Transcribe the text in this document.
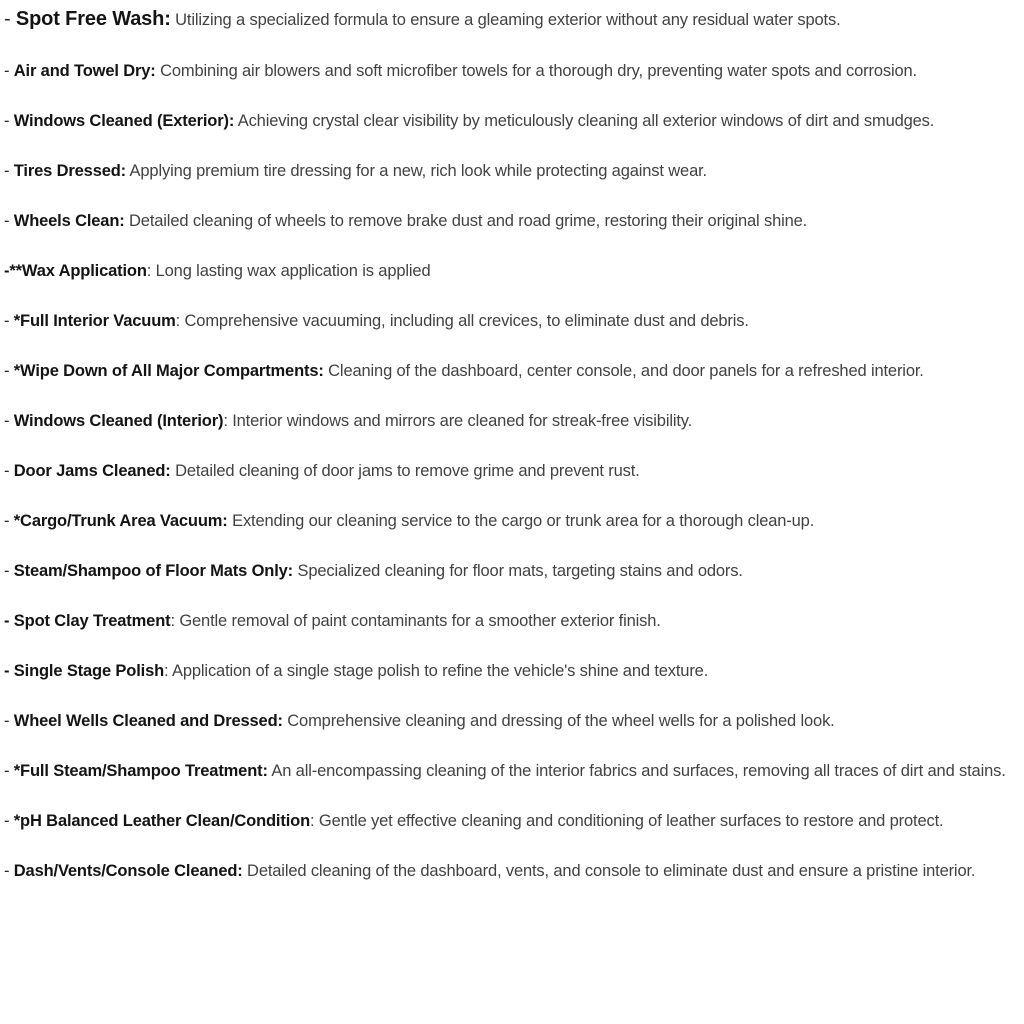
- Spot Free Wash: Utilizing a specialized formula to ensure a gleaming exterior without any residual water spots.

- Air and Towel Dry: Combining air blowers and soft microfiber towels for a thorough dry, preventing water spots and corrosion.

- Windows Cleaned (Exterior): Achieving crystal clear visibility by meticulously cleaning all exterior windows of dirt and smudges.

- Tires Dressed: Applying premium tire dressing for a new, rich look while protecting against wear.

- Wheels Clean: Detailed cleaning of wheels to remove brake dust and road grime, restoring their original shine.

-**Wax Application: Long lasting wax application is applied

- *Full Interior Vacuum: Comprehensive vacuuming, including all crevices, to eliminate dust and debris.

- *Wipe Down of All Major Compartments: Cleaning of the dashboard, center console, and door panels for a refreshed interior.

- Windows Cleaned (Interior): Interior windows and mirrors are cleaned for streak-free visibility.

- Door Jams Cleaned: Detailed cleaning of door jams to remove grime and prevent rust.

- *Cargo/Trunk Area Vacuum: Extending our cleaning service to the cargo or trunk area for a thorough clean-up.

- Steam/Shampoo of Floor Mats Only: Specialized cleaning for floor mats, targeting stains and odors.

- Spot Clay Treatment: Gentle removal of paint contaminants for a smoother exterior finish.

- Single Stage Polish: Application of a single stage polish to refine the vehicle's shine and texture.

- Wheel Wells Cleaned and Dressed: Comprehensive cleaning and dressing of the wheel wells for a polished look.

- *Full Steam/Shampoo Treatment: An all-encompassing cleaning of the interior fabrics and surfaces, removing all traces of dirt and stains.

- *pH Balanced Leather Clean/Condition: Gentle yet effective cleaning and conditioning of leather surfaces to restore and protect.

- Dash/Vents/Console Cleaned: Detailed cleaning of the dashboard, vents, and console to eliminate dust and ensure a pristine interior.
